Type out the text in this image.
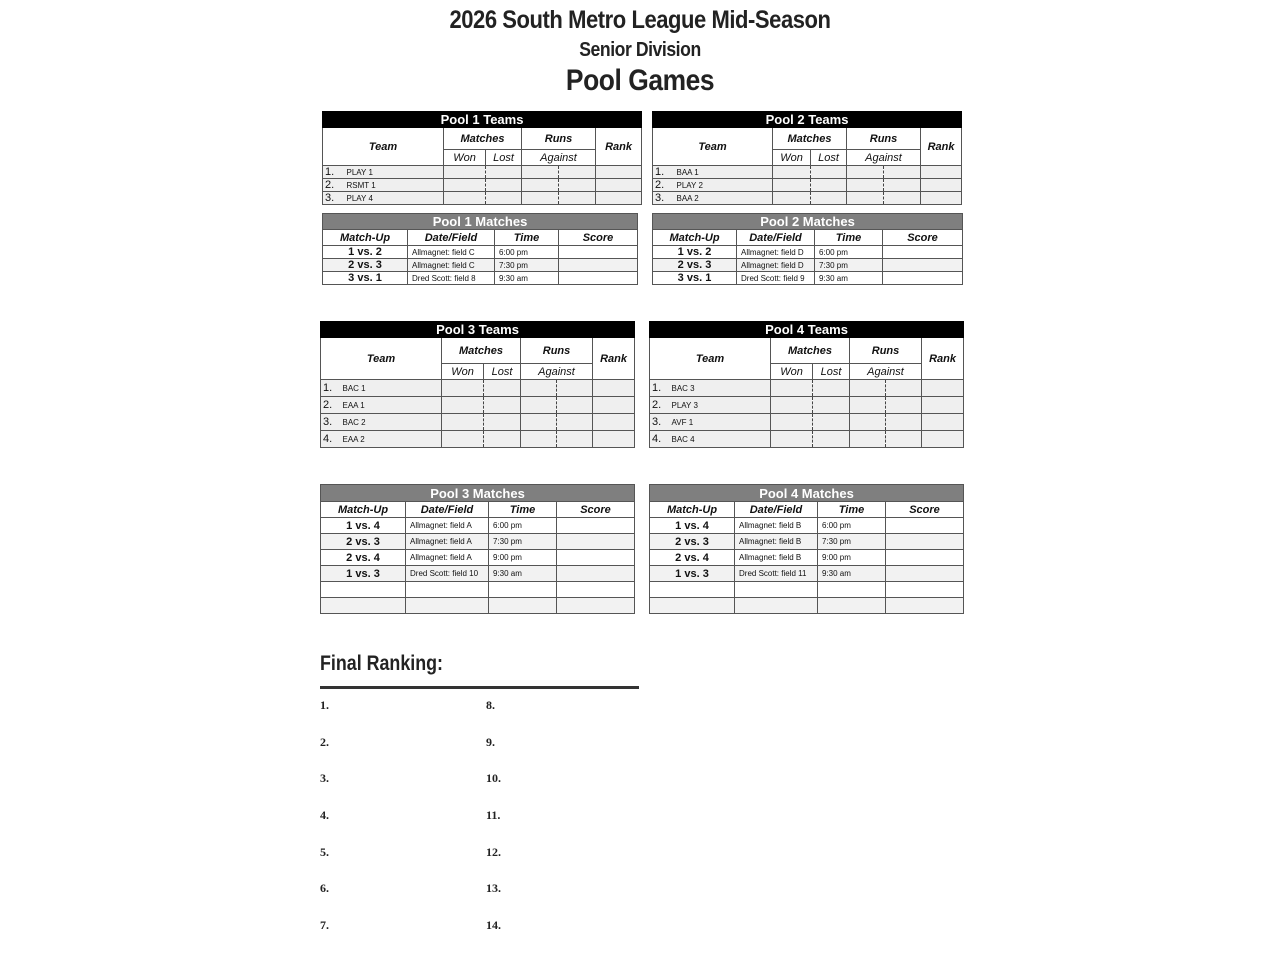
2026 South Metro League Mid-Season
Senior Division
Pool Games
Pool 1 Teams						
Team		Matches		Runs		Rank
		Won	Lost	Against		
1.	PLAY 1					
2.	RSMT 1					
3.	PLAY 4					
Pool 1 Matches			
Match-Up	Date/Field	Time	Score
1 vs. 2	Allmagnet: field C	6:00 pm	
2 vs. 3	Allmagnet: field C	7:30 pm	
3 vs. 1	Dred Scott: field 8	9:30 am	
Pool 2 Teams						
Team		Matches		Runs		Rank
		Won	Lost	Against		
1.	BAA 1					
2.	PLAY 2					
3.	BAA 2					
Pool 2 Matches			
Match-Up	Date/Field	Time	Score
1 vs. 2	Allmagnet: field D	6:00 pm	
2 vs. 3	Allmagnet: field D	7:30 pm	
3 vs. 1	Dred Scott: field 9	9:30 am	
Pool 3 Teams						
Team		Matches		Runs		Rank
		Won	Lost	Against		
1.	BAC 1					
2.	EAA 1					
3.	BAC 2					
4.	EAA 2					
Pool 3 Matches			
Match-Up	Date/Field	Time	Score
1 vs. 4	Allmagnet: field A	6:00 pm	
2 vs. 3	Allmagnet: field A	7:30 pm	
2 vs. 4	Allmagnet: field A	9:00 pm	
1 vs. 3	Dred Scott: field 10	9:30 am	

Pool 4 Teams						
Team		Matches		Runs		Rank
		Won	Lost	Against		
1.	BAC 3					
2.	PLAY 3					
3.	AVF 1					
4.	BAC 4					
Pool 4 Matches			
Match-Up	Date/Field	Time	Score
1 vs. 4	Allmagnet: field B	6:00 pm	
2 vs. 3	Allmagnet: field B	7:30 pm	
2 vs. 4	Allmagnet: field B	9:00 pm	
1 vs. 3	Dred Scott: field 11	9:30 am	

Final Ranking:
1.
2.
3.
4.
5.
6.
7.
8.
9.
10.
11.
12.
13.
14.
